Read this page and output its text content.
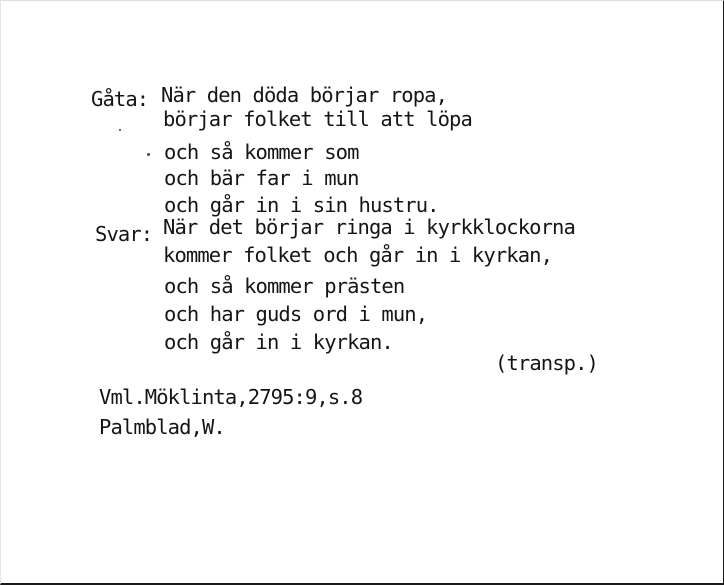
Gåta: När den döda börjar ropa,
börjar folket till att löpa
och så kommer som
och bär far i mun
och går in i sin hustru.
Svar: När det börjar ringa i kyrkklockorna
kommer folket och går in i kyrkan,
och så kommer prästen
och har guds ord i mun,
och går in i kyrkan.
(transp.)
Vml.Möklinta,2795:9,s.8
Palmblad,W.
